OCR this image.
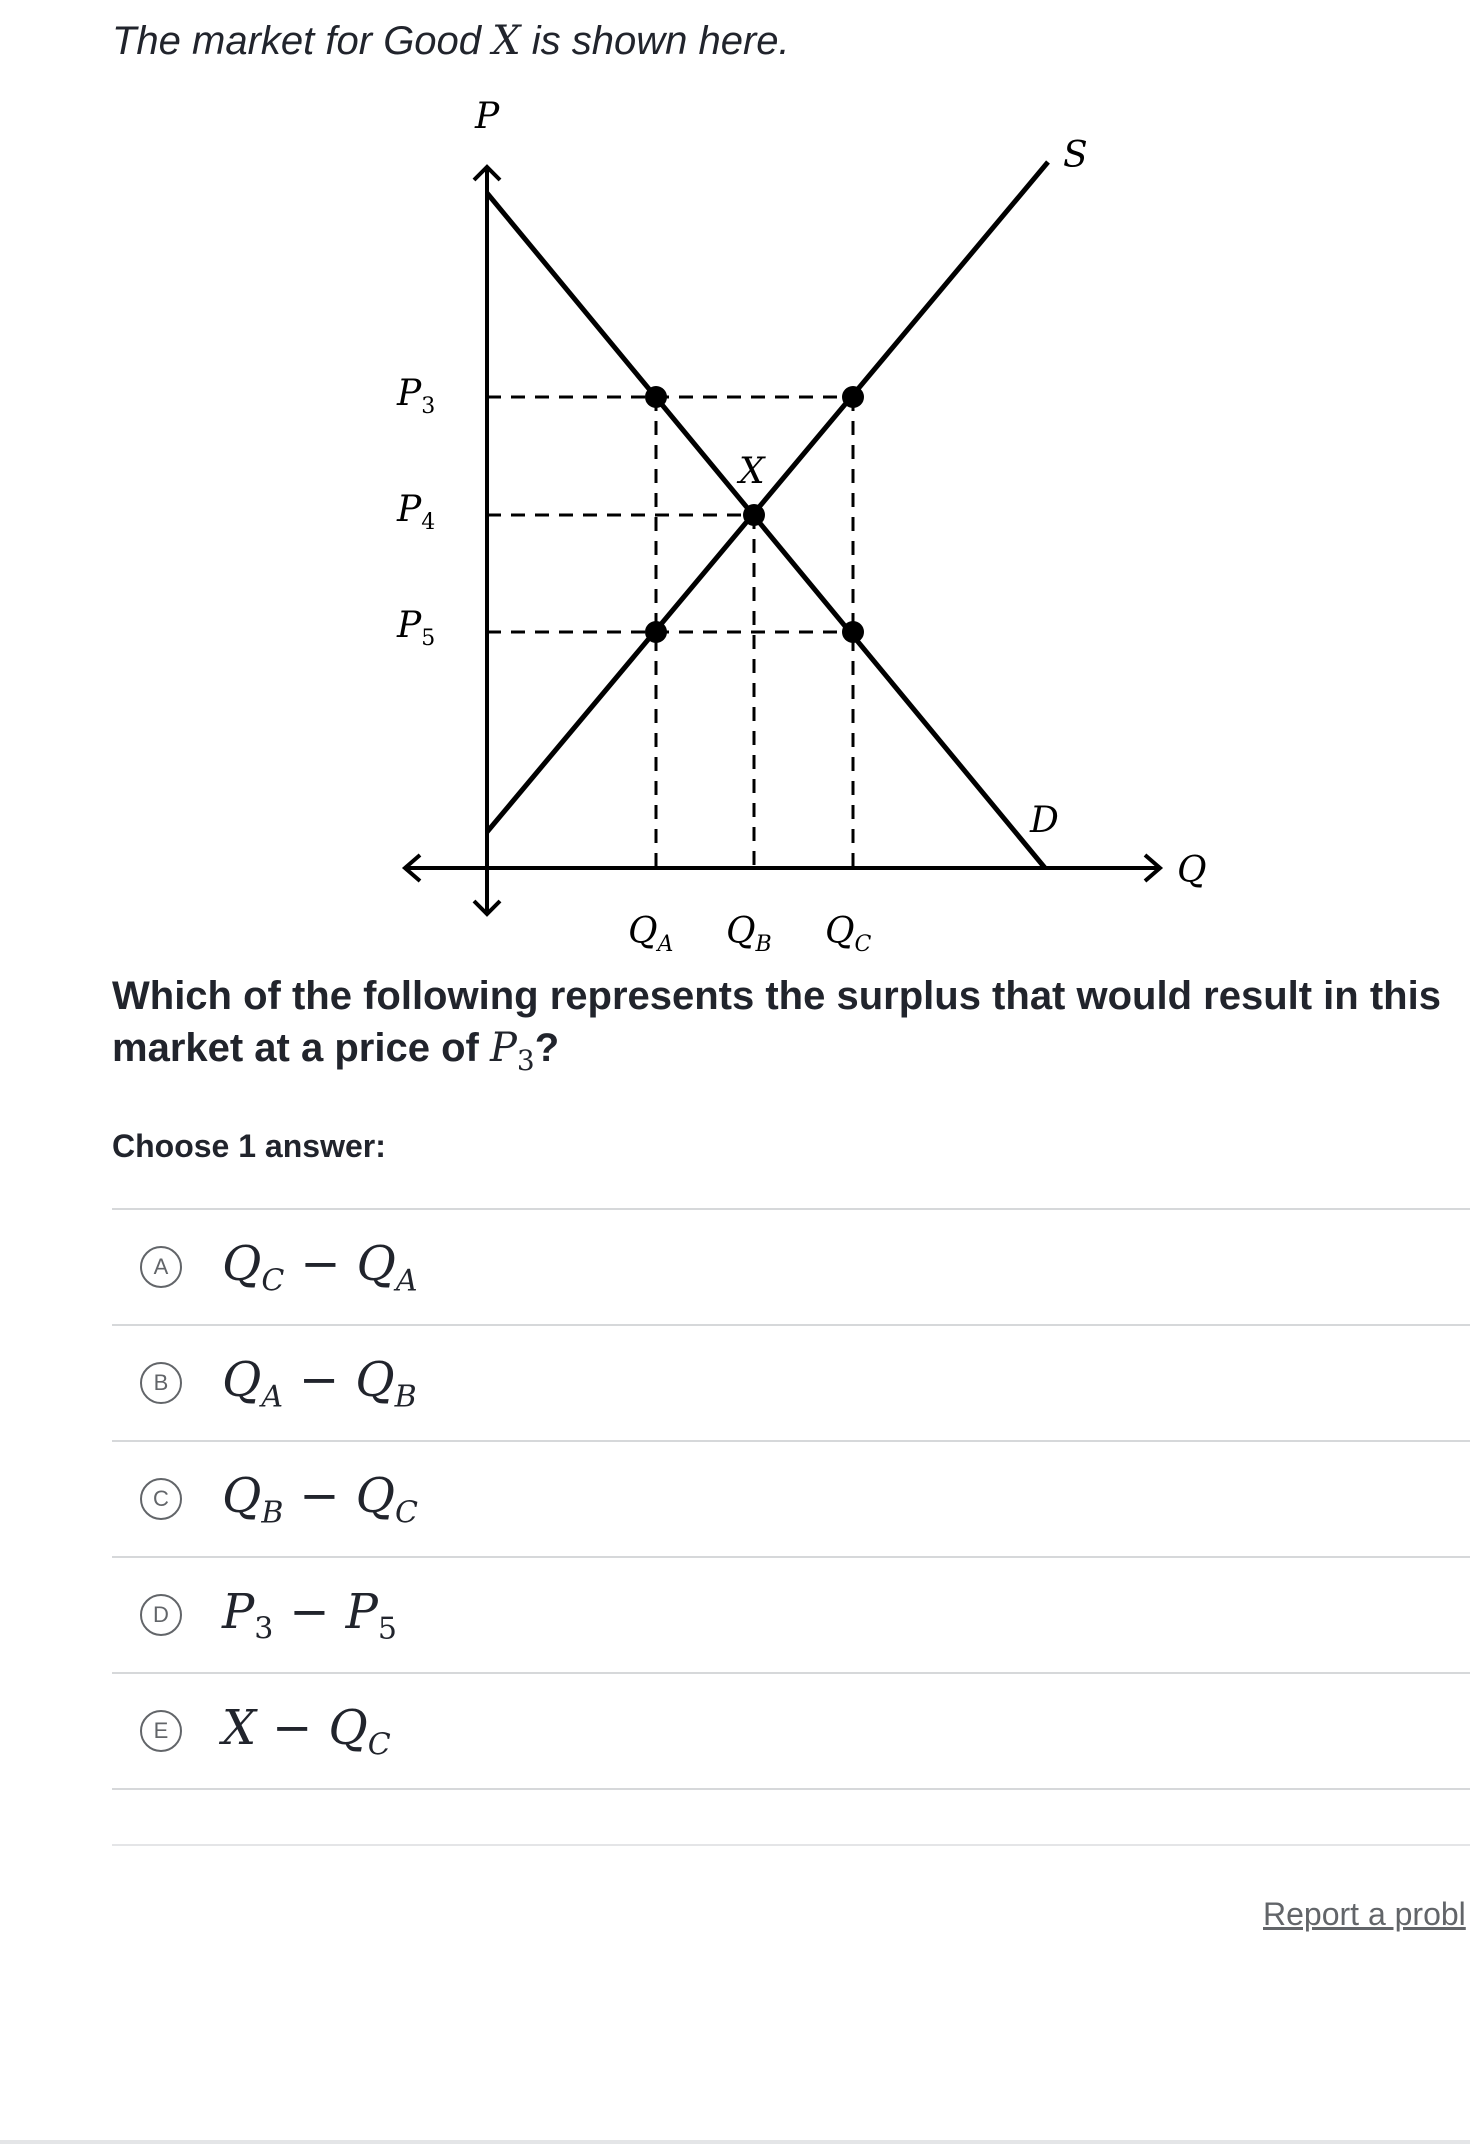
The market for Good X is shown here.
P
Q
S
D
X
$P_3$
$P_4$
$P_5$
$Q_A$ $Q_B$ $Q_C$
Which of the following represents the surplus that would result in this market at a price of $P_3$?
Choose 1 answer:
A $Q_C - Q_A$
B $Q_A - Q_B$
C $Q_B - Q_C$
D $P_3 - P_5$
E $X - Q_C$
Report a probl
